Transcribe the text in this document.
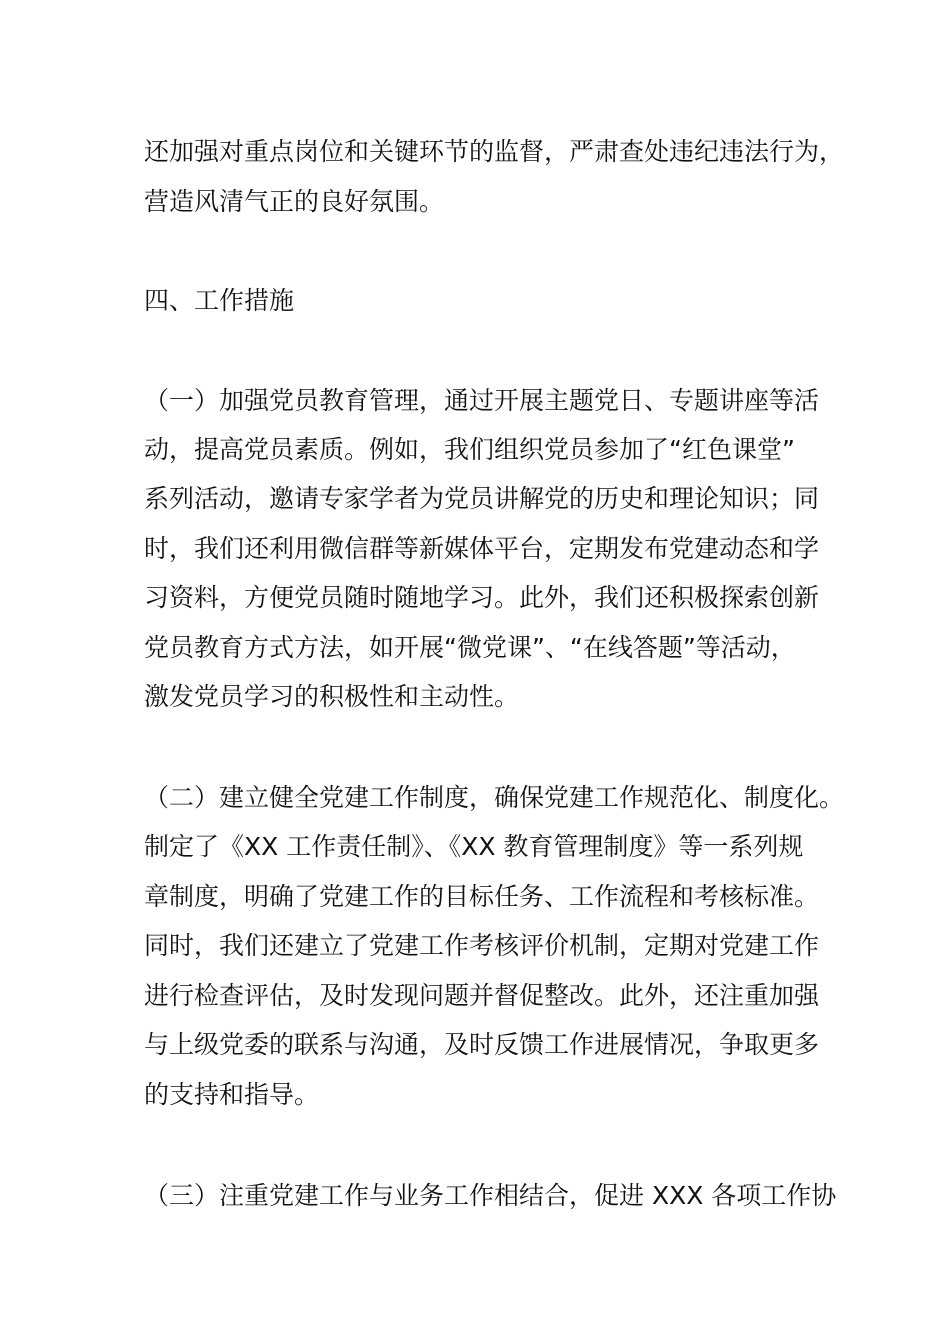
还加强对重点岗位和关键环节的监督，严肃查处违纪违法行为，
营造风清气正的良好氛围。
四、工作措施
（一）加强党员教育管理，通过开展主题党日、专题讲座等活
动，提高党员素质。例如，我们组织党员参加了“红色课堂”
系列活动，邀请专家学者为党员讲解党的历史和理论知识；同
时，我们还利用微信群等新媒体平台，定期发布党建动态和学
习资料，方便党员随时随地学习。此外，我们还积极探索创新
党员教育方式方法，如开展“微党课”、“在线答题”等活动，
激发党员学习的积极性和主动性。
（二）建立健全党建工作制度，确保党建工作规范化、制度化。
制定了《XX 工作责任制》、《XX 教育管理制度》等一系列规
章制度，明确了党建工作的目标任务、工作流程和考核标准。
同时，我们还建立了党建工作考核评价机制，定期对党建工作
进行检查评估，及时发现问题并督促整改。此外，还注重加强
与上级党委的联系与沟通，及时反馈工作进展情况，争取更多
的支持和指导。
（三）注重党建工作与业务工作相结合，促进 XXX 各项工作协
